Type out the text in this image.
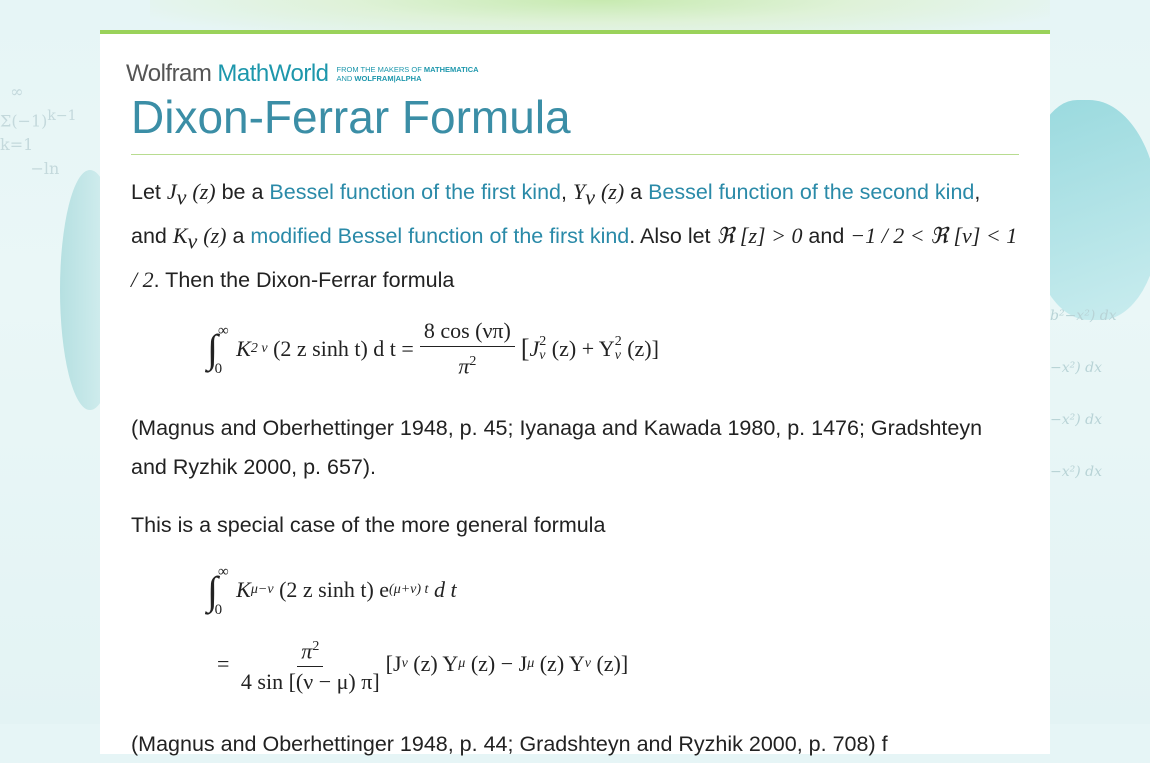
∞
$\Sigma(-1)^{k-1}$
k=1
−ln
b²−x²) dx
−x²) dx
−x²) dx
−x²) dx
Wolfram MathWorld FROM THE MAKERS OF MATHEMATICA
AND WOLFRAM|ALPHA
Dixon-Ferrar Formula

Let $J_\nu$ (z) be a Bessel function of the first kind, $Y_\nu$ (z) a Bessel function of the second kind, and $K_\nu$ (z) a modified Bessel function of the first kind. Also let ℜ [z] > 0 and −1 / 2 < ℜ [ν] < 1 / 2. Then the Dixon-Ferrar formula

∫ ∞
0
K 2 ν
(2 z sinh t) d $t = \frac{8 \cos (\nu\pi)}{\pi^2}$ [ J 2
ν
(z) + Y 2
ν
(z)]

(Magnus and Oberhettinger 1948, p. 45; Iyanaga and Kawada 1980, p. 1476; Gradshteyn and Ryzhik 2000, p. 657).

This is a special case of the more general formula

∫ ∞
0
K μ−ν
(2 z sinh t) e (μ+ν) t
d t
=
$\frac{\pi^2}{4 \sin [(\nu - \mu) \pi]} [J$ ν
(z) Y μ
(z) − J μ
(z) Y ν
(z)]

(Magnus and Oberhettinger 1948, p. 44; Gradshteyn and Ryzhik 2000, p. 708) f
